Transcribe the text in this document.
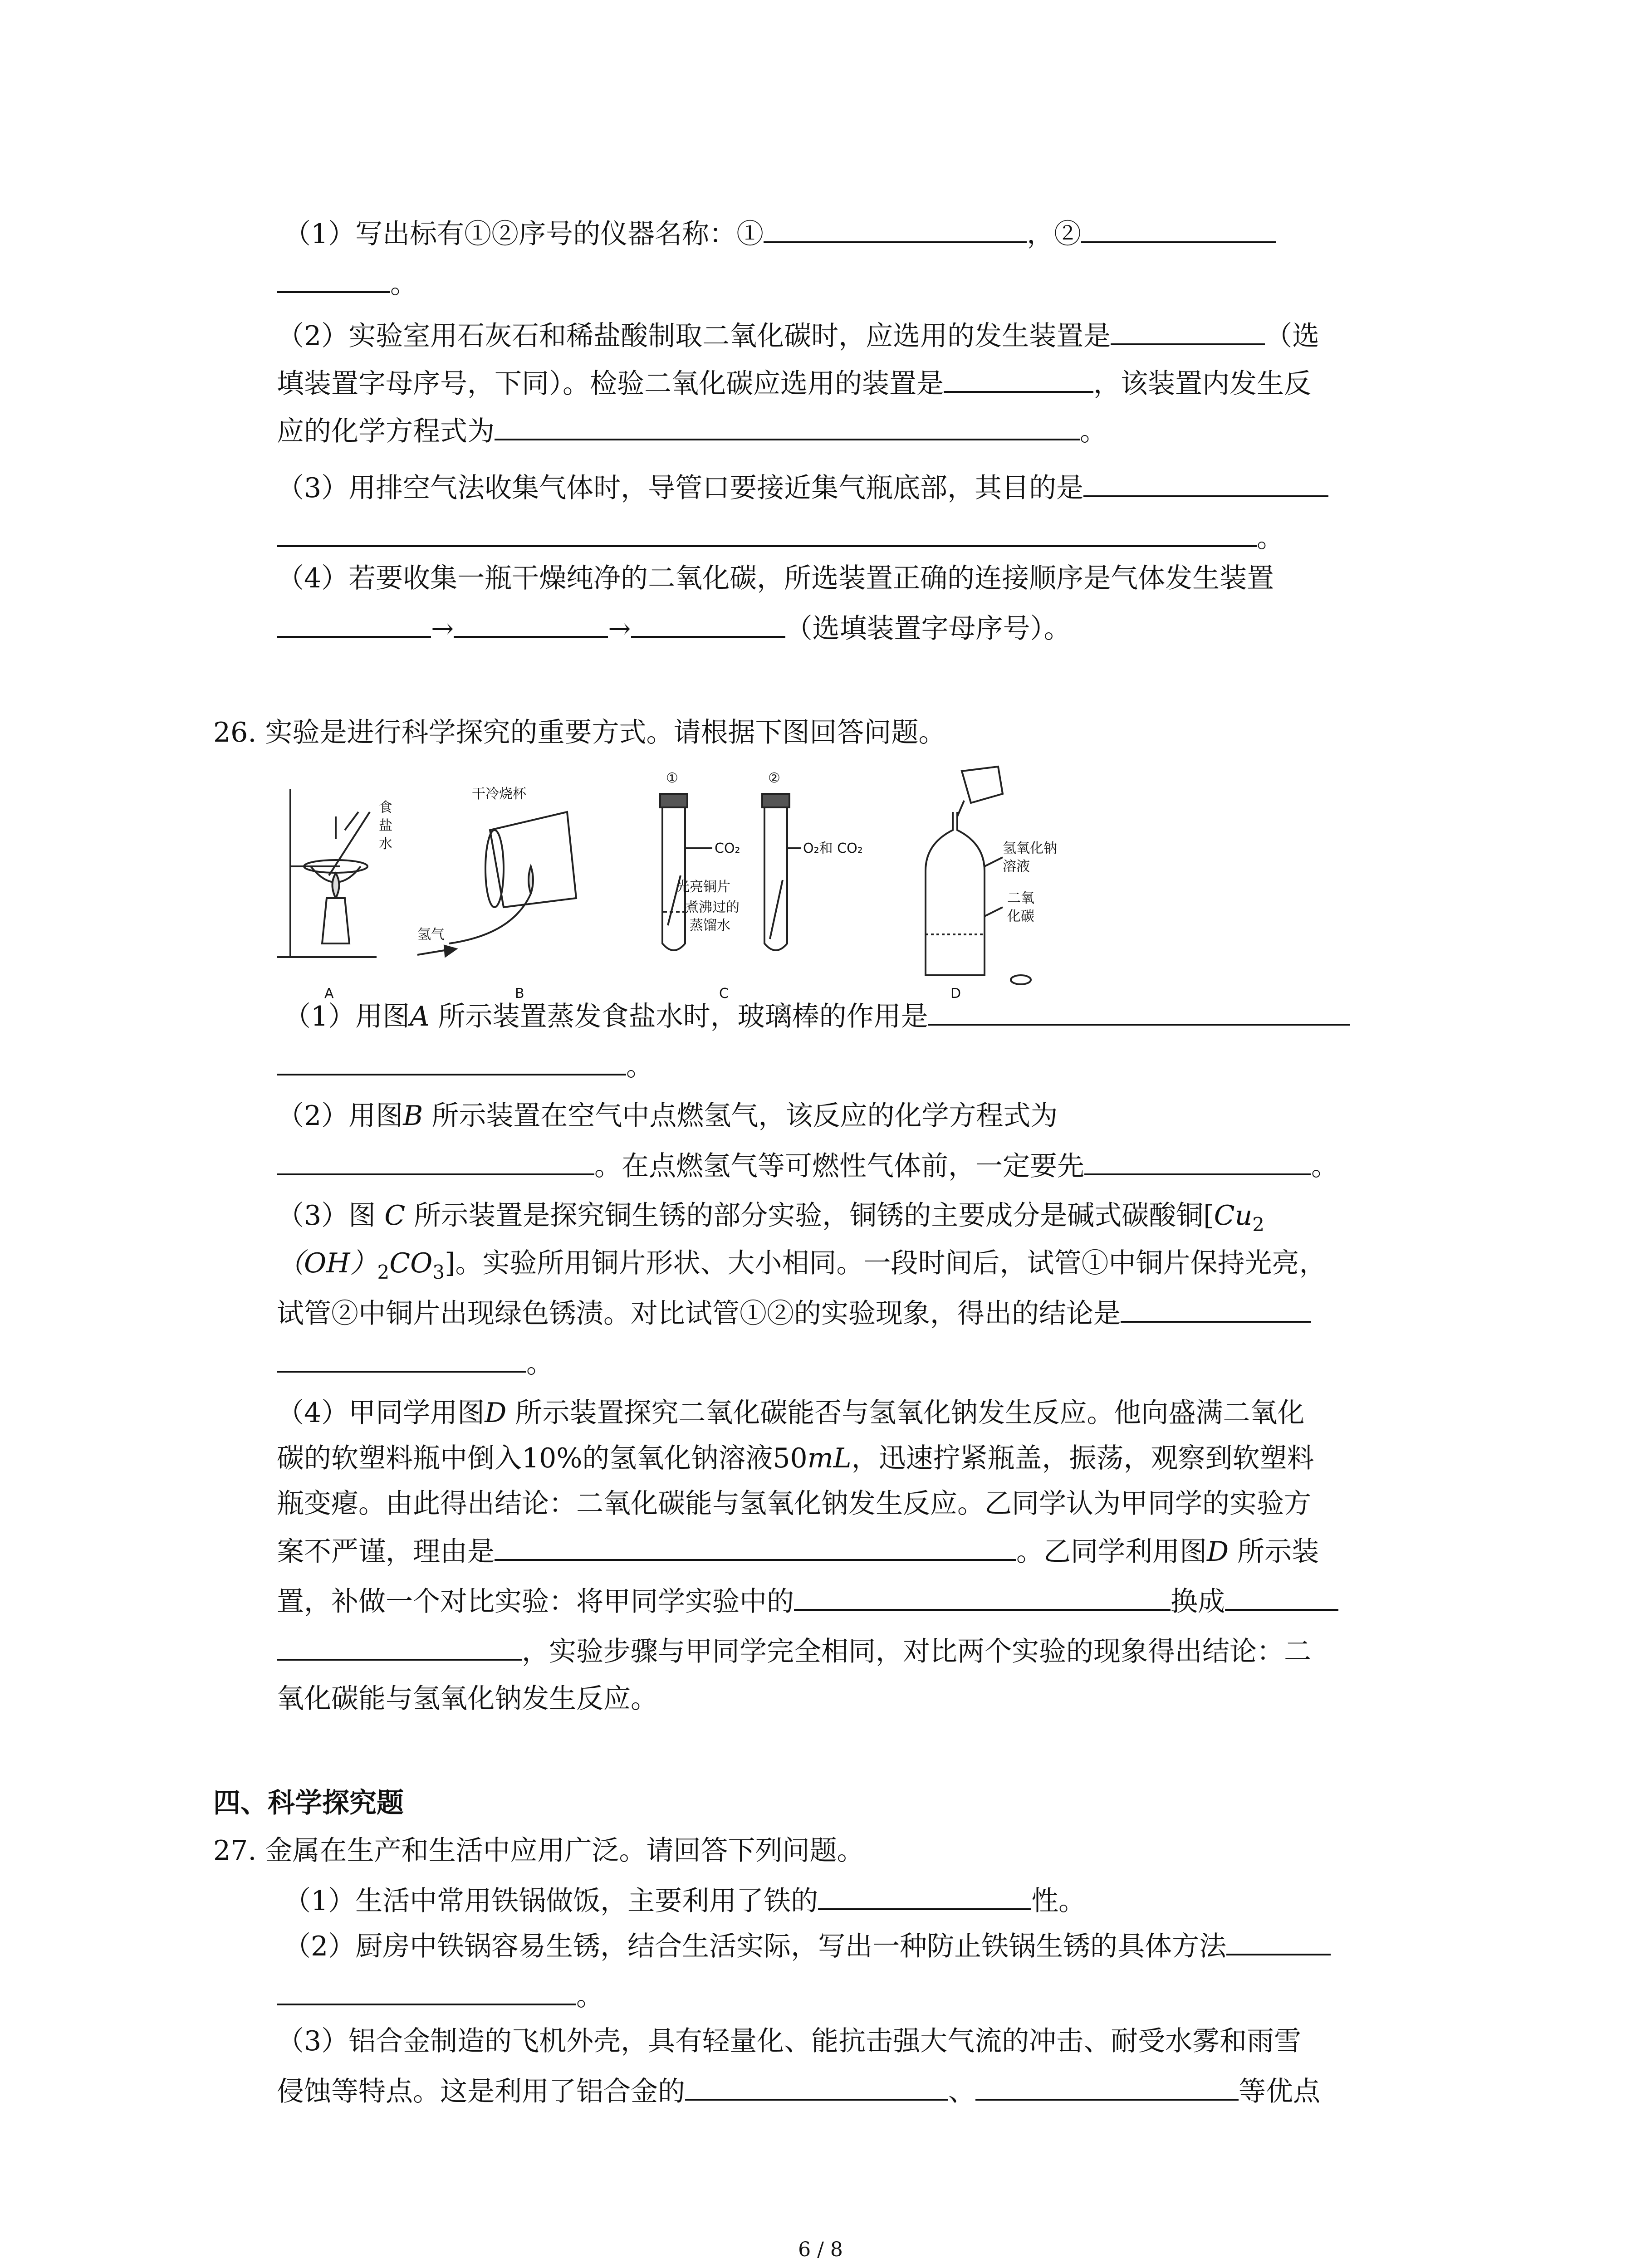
（1）写出标有①②序号的仪器名称：①	，②
。
（2）实验室用石灰石和稀盐酸制取二氧化碳时，应选用的发生装置是	（选
填装置字母序号，下同）。检验二氧化碳应选用的装置是	，该装置内发生反
应的化学方程式为	。
（3）用排空气法收集气体时，导管口要接近集气瓶底部，其目的是
。
（4）若要收集一瓶干燥纯净的二氧化碳，所选装置正确的连接顺序是气体发生装置
→	→	（选填装置字母序号）。
26. 实验是进行科学探究的重要方式。请根据下图回答问题。
食
盐
水
A
干冷烧杯
氢气
B
①	②
CO₂	O₂和 CO₂
光亮铜片
煮沸过的
蒸馏水
C
氢氧化钠
溶液
二氧
化碳
D
（1）用图A 所示装置蒸发食盐水时，玻璃棒的作用是
。
（2）用图B 所示装置在空气中点燃氢气，该反应的化学方程式为
。在点燃氢气等可燃性气体前，一定要先	。
（3）图 C 所示装置是探究铜生锈的部分实验，铜锈的主要成分是碱式碳酸铜[$Cu_2$
$(OH)_2CO_3$]。实验所用铜片形状、大小相同。一段时间后，试管①中铜片保持光亮，
试管②中铜片出现绿色锈渍。对比试管①②的实验现象，得出的结论是
。
（4）甲同学用图D 所示装置探究二氧化碳能否与氢氧化钠发生反应。他向盛满二氧化
碳的软塑料瓶中倒入10%的氢氧化钠溶液50mL，迅速拧紧瓶盖，振荡，观察到软塑料
瓶变瘪。由此得出结论：二氧化碳能与氢氧化钠发生反应。乙同学认为甲同学的实验方
案不严谨，理由是	。乙同学利用图D 所示装
置，补做一个对比实验：将甲同学实验中的	换成
，实验步骤与甲同学完全相同，对比两个实验的现象得出结论：二
氧化碳能与氢氧化钠发生反应。
四、科学探究题
27. 金属在生产和生活中应用广泛。请回答下列问题。
（1）生活中常用铁锅做饭，主要利用了铁的	性。
（2）厨房中铁锅容易生锈，结合生活实际，写出一种防止铁锅生锈的具体方法
。
（3）铝合金制造的飞机外壳，具有轻量化、能抗击强大气流的冲击、耐受水雾和雨雪
侵蚀等特点。这是利用了铝合金的	、	等优点
6 / 8
